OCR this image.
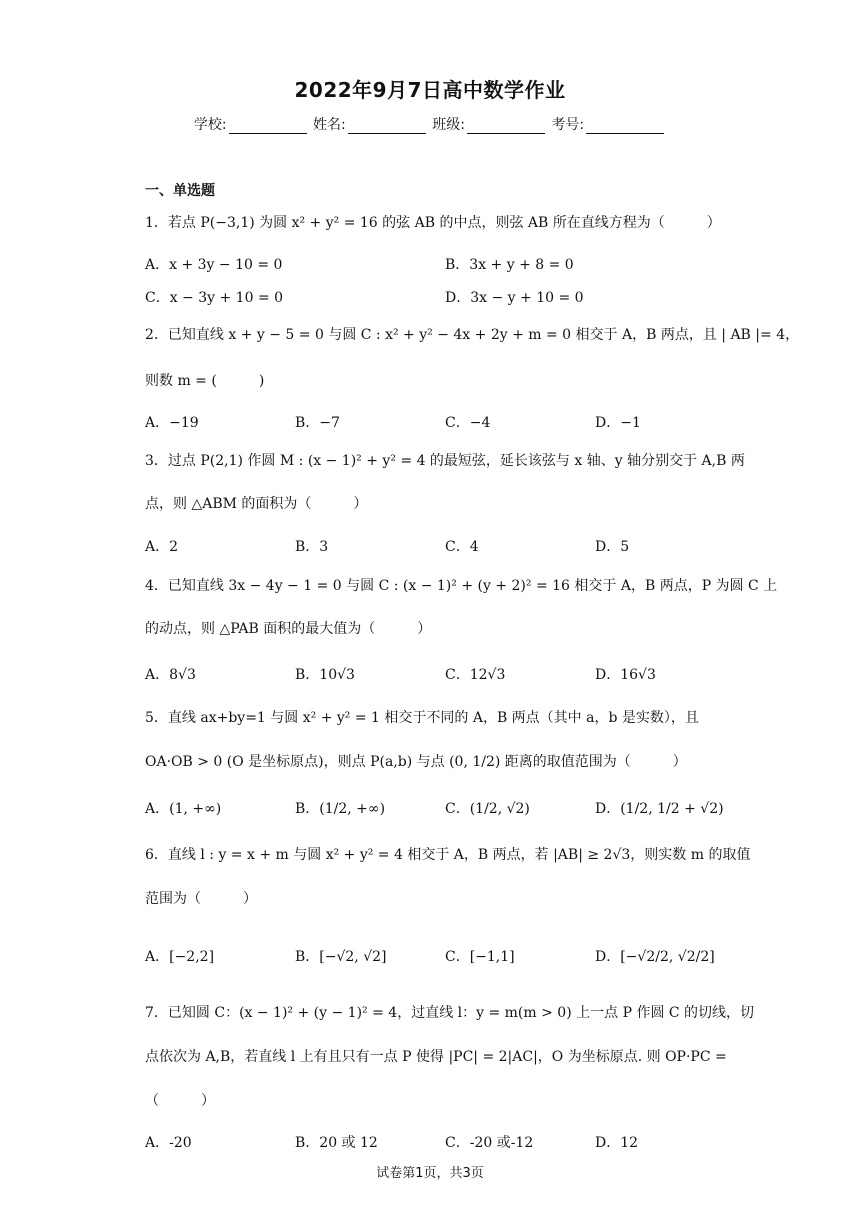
2022年9月7日高中数学作业
学校:	姓名:	班级:	考号:
一、单选题
1．若点 P(−3,1) 为圆 x² + y² = 16 的弦 AB 的中点，则弦 AB 所在直线方程为（　　　）
A．x + 3y − 10 = 0	B．3x + y + 8 = 0
C．x − 3y + 10 = 0	D．3x − y + 10 = 0
2．已知直线 x + y − 5 = 0 与圆 C : x² + y² − 4x + 2y + m = 0 相交于 A，B 两点，且 | AB |= 4，
则数 m = (　　　)
A．−19	B．−7	C．−4	D．−1
3．过点 P(2,1) 作圆 M : (x − 1)² + y² = 4 的最短弦，延长该弦与 x 轴、y 轴分别交于 A,B 两
点，则 △ABM 的面积为（　　　）
A．2	B．3	C．4	D．5
4．已知直线 3x − 4y − 1 = 0 与圆 C : (x − 1)² + (y + 2)² = 16 相交于 A，B 两点，P 为圆 C 上
的动点，则 △PAB 面积的最大值为（　　　）
A．8√3	B．10√3	C．12√3	D．16√3
5．直线 ax+by=1 与圆 x² + y² = 1 相交于不同的 A，B 两点（其中 a，b 是实数），且
OA·OB > 0 (O 是坐标原点)，则点 P(a,b) 与点 (0, 1/2) 距离的取值范围为（　　　）
A．(1, +∞)	B．(1/2, +∞)	C．(1/2, √2)	D．(1/2, 1/2 + √2)
6．直线 l : y = x + m 与圆 x² + y² = 4 相交于 A，B 两点，若 |AB| ≥ 2√3，则实数 m 的取值
范围为（　　　）
A．[−2,2]	B．[−√2, √2]	C．[−1,1]	D．[−√2/2, √2/2]
7．已知圆 C：(x − 1)² + (y − 1)² = 4，过直线 l：y = m(m > 0) 上一点 P 作圆 C 的切线，切
点依次为 A,B，若直线 l 上有且只有一点 P 使得 |PC| = 2|AC|，O 为坐标原点. 则 OP·PC =
（　　　）
A．-20	B．20 或 12	C．-20 或-12	D．12
试卷第1页，共3页
